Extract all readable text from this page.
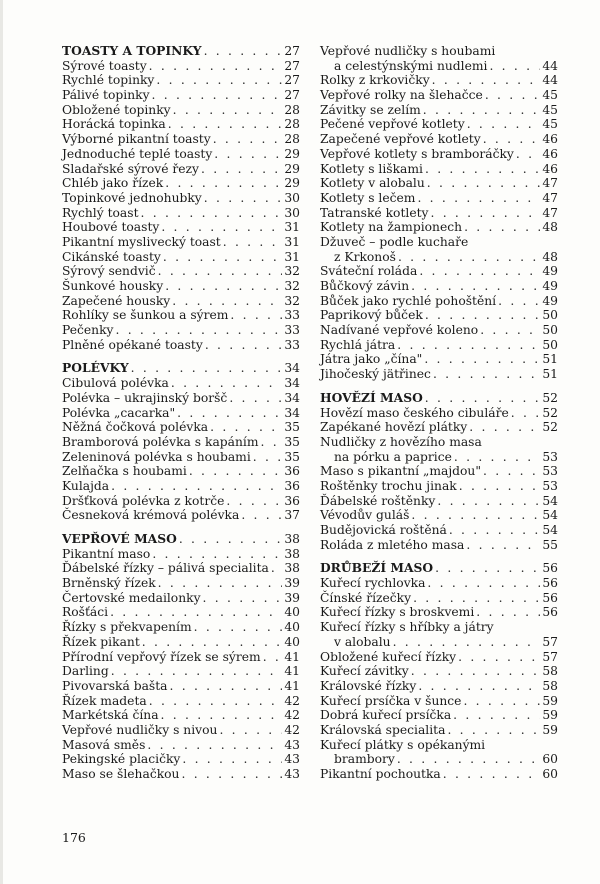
TOASTY A TOPINKY . . .	27
Sýrové toasty . . .	27
Rychlé topinky . . .	27
Pálivé topinky . . .	27
Obložené topinky . . .	28
Horácká topinka . . .	28
Výborné pikantní toasty . . .	28
Jednoduché teplé toasty . . .	29
Sladařské sýrové řezy . . .	29
Chléb jako řízek . . .	29
Topinkové jednohubky . . .	30
Rychlý toast . . .	30
Houbové toasty . . .	31
Pikantní myslivecký toast . . .	31
Cikánské toasty . . .	31
Sýrový sendvič . . .	32
Šunkové housky . . .	32
Zapečené housky . . .	32
Rohlíky se šunkou a sýrem . . .	33
Pečenky . . .	33
Plněné opékané toasty . . .	33
POLÉVKY . . .	34
Cibulová polévka . . .	34
Polévka – ukrajinský boršč . . .	34
Polévka „cacarka" . . .	34
Něžná čočková polévka . . .	35
Bramborová polévka s kapáním . . . 35
Zeleninová polévka s houbami . . .	35
Zelňačka s houbami . . .	36
Kulajda . . .	36
Dršťková polévka z kotrče . . .	36
Česneková krémová polévka . . .	37
VEPŘOVÉ MASO . . .	38
Pikantní maso . . .	38
Ďábelské řízky – pálivá specialita . . . 38
Brněnský řízek . . .	39
Čertovské medailonky . . .	39
Rošťáci . . .	40
Řízky s překvapením . . .	40
Řízek pikant . . .	40
Přírodní vepřový řízek se sýrem . . . 41
Darling . . .	41
Pivovarská bašta . . .	41
Řízek madeta . . .	42
Markétská čína . . .	42
Vepřové nudličky s nivou . . .	42
Masová směs . . .	43
Pekingské placičky . . .	43
Maso se šlehačkou . . .	43
Vepřové nudličky s houbami
a celestýnskými nudlemi . . .	44
Rolky z krkovičky . . .	44
Vepřové rolky na šlehačce . . .	45
Závitky se zelím . . .	45
Pečené vepřové kotlety . . .	45
Zapečené vepřové kotlety . . .	46
Vepřové kotlety s bramboráčky . . . 46
Kotlety s liškami . . .	46
Kotlety v alobalu . . .	47
Kotlety s lečem . . .	47
Tatranské kotlety . . .	47
Kotlety na žampionech . . .	48
Džuveč – podle kuchaře
z Krkonoš . . .	48
Sváteční roláda . . .	49
Bůčkový závin . . .	49
Bůček jako rychlé pohoštění . . .	49
Paprikový bůček . . .	50
Nadívané vepřové koleno . . .	50
Rychlá játra . . .	50
Játra jako „čína" . . .	51
Jihočeský jätřinec . . .	51
HOVĚZÍ MASO . . .	52
Hovězí maso českého cibuláře . . .	52
Zapékané hovězí plátky . . .	52
Nudličky z hovězího masa
na pórku a paprice . . .	53
Maso s pikantní „majdou" . . .	53
Roštěnky trochu jinak . . .	53
Ďábelské roštěnky . . .	54
Vévodův guláš . . .	54
Budějovická roštěná . . .	54
Roláda z mletého masa . . .	55
DRŮBEŽÍ MASO . . .	56
Kuřecí rychlovka . . .	56
Čínské řízečky . . .	56
Kuřecí řízky s broskvemi . . .	56
Kuřecí řízky s hříbky a játry
v alobalu . . .	57
Obložené kuřecí řízky . . .	57
Kuřecí závitky . . .	58
Královské řízky . . .	58
Kuřecí prsíčka v šunce . . .	59
Dobrá kuřecí prsíčka . . .	59
Královská specialita . . .	59
Kuřecí plátky s opékanými
brambory . . .	60
Pikantní pochoutka . . .	60
176
